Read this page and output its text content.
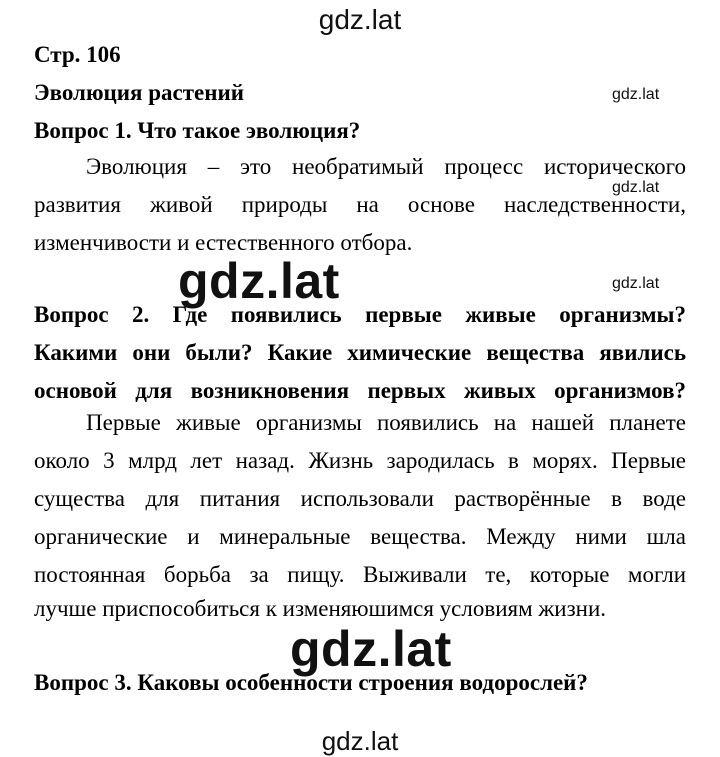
gdz.lat
gdz.lat
gdz.lat
gdz.lat
gdz.lat
gdz.lat
gdz.lat
Стр. 106
Эволюция растений
Вопрос 1. Что такое эволюция?
Эволюция – это необратимый процесс исторического
развития живой природы на основе наследственности,
изменчивости и естественного отбора.
Вопрос 2. Где появились первые живые организмы?
Какими они были? Какие химические вещества явились
основой для возникновения первых живых организмов?
Первые живые организмы появились на нашей планете
около 3 млрд лет назад. Жизнь зародилась в морях. Первые
существа для питания использовали растворённые в воде
органические и минеральные вещества. Между ними шла
постоянная борьба за пищу. Выживали те, которые могли
лучше приспособиться к изменяюшимся условиям жизни.
Вопрос 3. Каковы особенности строения водорослей?
